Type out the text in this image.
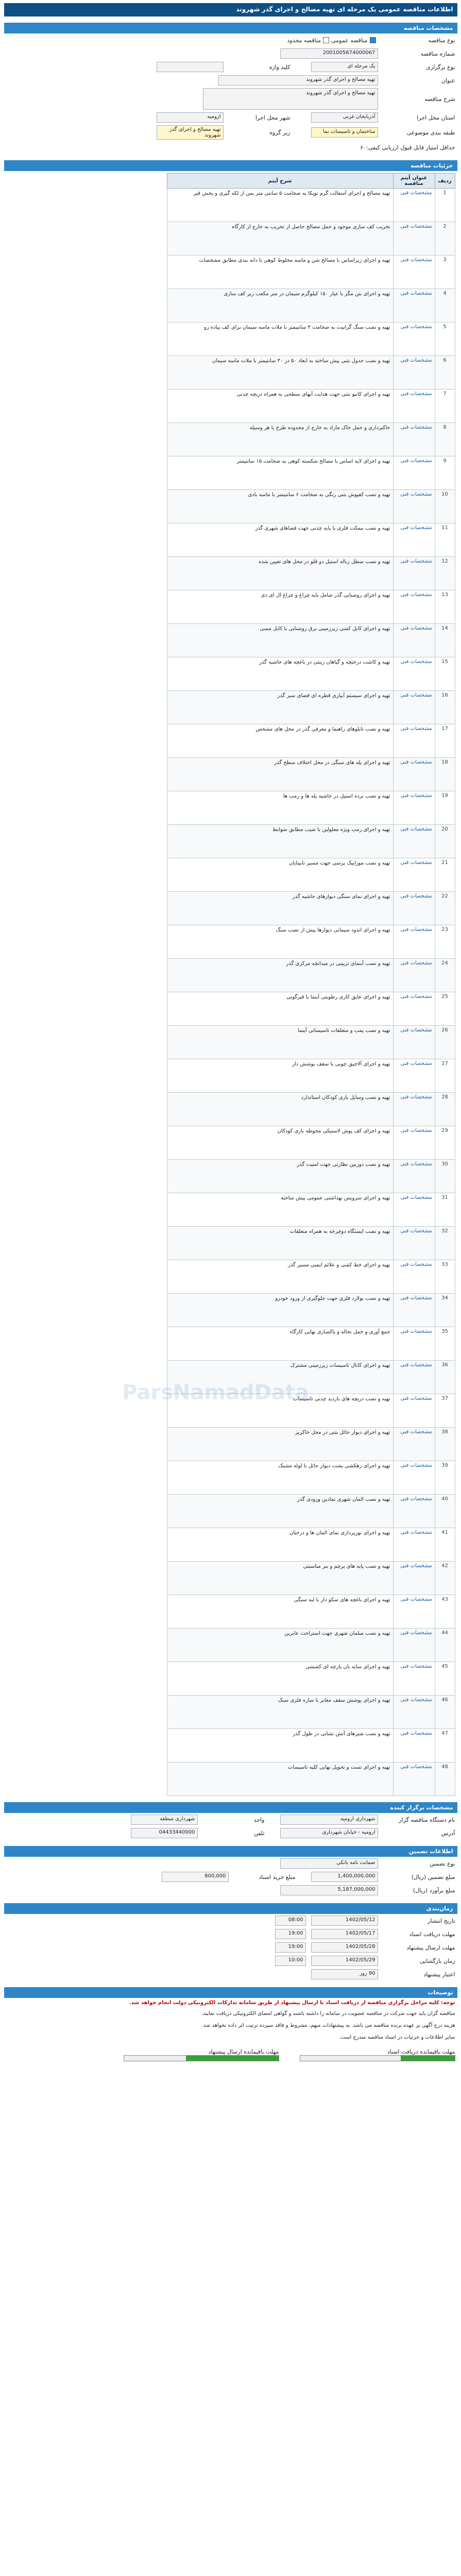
اطلاعات مناقصه عمومی یک مرحله ای تهیه مصالح و اجرای گذر شهروند
مشخصات مناقصه
نوع مناقصه
مناقصه عمومی
مناقصه محدود
شماره مناقصه
2001005674000067
نوع برگزاری
یک مرحله ای
کلید واژه
عنوان
تهیه مصالح و اجرای گذر شهروند
شرح مناقصه
تهیه مصالح و اجرای گذر شهروند
استان محل اجرا
آذربایجان غربی
شهر محل اجرا
ارومیه
طبقه بندی موضوعی
ساختمان و تاسیسات نما
زیر گروه
تهیه مصالح و اجرای گذر شهروند
حداقل امتیاز قابل قبول ارزیابی کیفی:
۶۰
جزئیات مناقصه
ردیف	عنوان آیتم مناقصه	شرح آیتم
1	مشخصات فنی	تهیه مصالح و اجرای آسفالت گرم توپکا به ضخامت ۵ سانتی متر پس از لکه گیری و پخش قیر
2	مشخصات فنی	تخریب کف سازی موجود و حمل مصالح حاصل از تخریب به خارج از کارگاه
3	مشخصات فنی	تهیه و اجرای زیراساس با مصالح شن و ماسه مخلوط کوهی با دانه بندی مطابق مشخصات
4	مشخصات فنی	تهیه و اجرای بتن مگر با عیار ۱۵۰ کیلوگرم سیمان در متر مکعب زیر کف سازی
5	مشخصات فنی	تهیه و نصب سنگ گرانیت به ضخامت ۳ سانتیمتر با ملات ماسه سیمان برای کف پیاده رو
6	مشخصات فنی	تهیه و نصب جدول بتنی پیش ساخته به ابعاد ۵۰ در ۳۰ سانتیمتر با ملات ماسه سیمان
7	مشخصات فنی	تهیه و اجرای کانیو بتنی جهت هدایت آبهای سطحی به همراه دریچه چدنی
8	مشخصات فنی	خاکبرداری و حمل خاک مازاد به خارج از محدوده طرح با هر وسیله
9	مشخصات فنی	تهیه و اجرای لایه اساس با مصالح شکسته کوهی به ضخامت ۱۵ سانتیمتر
10	مشخصات فنی	تهیه و نصب کفپوش بتنی رنگی به ضخامت ۶ سانتیمتر با ماسه بادی
11	مشخصات فنی	تهیه و نصب نیمکت فلزی با پایه چدنی جهت فضاهای شهری گذر
12	مشخصات فنی	تهیه و نصب سطل زباله استیل دو قلو در محل های تعیین شده
13	مشخصات فنی	تهیه و اجرای روشنایی گذر شامل پایه چراغ و چراغ ال ای دی
14	مشخصات فنی	تهیه و اجرای کابل کشی زیرزمینی برق روشنایی با کابل مسی
15	مشخصات فنی	تهیه و کاشت درختچه و گیاهان زینتی در باغچه های حاشیه گذر
16	مشخصات فنی	تهیه و اجرای سیستم آبیاری قطره ای فضای سبز گذر
17	مشخصات فنی	تهیه و نصب تابلوهای راهنما و معرفی گذر در محل های مشخص
18	مشخصات فنی	تهیه و اجرای پله های سنگی در محل اختلاف سطح گذر
19	مشخصات فنی	تهیه و نصب نرده استیل در حاشیه پله ها و رمپ ها
20	مشخصات فنی	تهیه و اجرای رمپ ویژه معلولین با شیب مطابق ضوابط
21	مشخصات فنی	تهیه و نصب موزاییک پرسی جهت مسیر نابینایان
22	مشخصات فنی	تهیه و اجرای نمای سنگی دیوارهای حاشیه گذر
23	مشخصات فنی	تهیه و اجرای اندود سیمانی دیوارها پیش از نصب سنگ
24	مشخصات فنی	تهیه و نصب آبنمای تزیینی در میدانچه مرکزی گذر
25	مشخصات فنی	تهیه و اجرای عایق کاری رطوبتی آبنما با قیرگونی
26	مشخصات فنی	تهیه و نصب پمپ و متعلقات تاسیساتی آبنما
27	مشخصات فنی	تهیه و اجرای آلاچیق چوبی با سقف پوشش دار
28	مشخصات فنی	تهیه و نصب وسایل بازی کودکان استاندارد
29	مشخصات فنی	تهیه و اجرای کف پوش لاستیکی محوطه بازی کودکان
30	مشخصات فنی	تهیه و نصب دوربین نظارتی جهت امنیت گذر
31	مشخصات فنی	تهیه و اجرای سرویس بهداشتی عمومی پیش ساخته
32	مشخصات فنی	تهیه و نصب ایستگاه دوچرخه به همراه متعلقات
33	مشخصات فنی	تهیه و اجرای خط کشی و علائم ایمنی مسیر گذر
34	مشخصات فنی	تهیه و نصب بولارد فلزی جهت جلوگیری از ورود خودرو
35	مشخصات فنی	جمع آوری و حمل نخاله و پاکسازی نهایی کارگاه
36	مشخصات فنی	تهیه و اجرای کانال تاسیسات زیرزمینی مشترک
37	مشخصات فنی	تهیه و نصب دریچه های بازدید چدنی تاسیسات
38	مشخصات فنی	تهیه و اجرای دیوار حائل بتنی در محل خاکریز
39	مشخصات فنی	تهیه و اجرای زهکشی پشت دیوار حائل با لوله مشبک
40	مشخصات فنی	تهیه و نصب المان شهری نمادین ورودی گذر
41	مشخصات فنی	تهیه و اجرای نورپردازی نمای المان ها و درختان
42	مشخصات فنی	تهیه و نصب پایه های پرچم و بنر مناسبتی
43	مشخصات فنی	تهیه و اجرای باغچه های سکو دار با لبه سنگی
44	مشخصات فنی	تهیه و نصب مبلمان شهری جهت استراحت عابرین
45	مشخصات فنی	تهیه و اجرای سایه بان پارچه ای کششی
46	مشخصات فنی	تهیه و اجرای پوشش سقف معابر با سازه فلزی سبک
47	مشخصات فنی	تهیه و نصب شیرهای آتش نشانی در طول گذر
48	مشخصات فنی	تهیه و اجرای تست و تحویل نهایی کلیه تاسیسات
مشخصات برگزار کننده
نام دستگاه مناقصه گزار
شهرداری ارومیه
واحد
شهرداری منطقه
آدرس
ارومیه - خیابان شهرداری
تلفن
04433440000
اطلاعات تضمین
نوع تضمین
ضمانت نامه بانکی
مبلغ تضمین (ریال)
1,400,000,000
مبلغ خرید اسناد
800,000
مبلغ برآورد (ریال)
5,187,000,000
زمان‌بندی
تاریخ انتشار
1402/05/12
08:00
مهلت دریافت اسناد
1402/05/17
19:00
مهلت ارسال پیشنهاد
1402/05/28
19:00
زمان بازگشایی
1402/05/29
10:00
اعتبار پیشنهاد
90 روز
توضیحات
توجه: کلیه مراحل برگزاری مناقصه از دریافت اسناد تا ارسال پیشنهاد از طریق سامانه تدارکات الکترونیکی دولت انجام خواهد شد.
مناقصه گران باید جهت شرکت در مناقصه عضویت در سامانه را داشته باشند و گواهی امضای الکترونیکی دریافت نمایند.
هزینه درج آگهی بر عهده برنده مناقصه می باشد. به پیشنهادات مبهم، مشروط و فاقد سپرده ترتیب اثر داده نخواهد شد.
سایر اطلاعات و جزئیات در اسناد مناقصه مندرج است.
مهلت باقیمانده دریافت اسناد
مهلت باقیمانده ارسال پیشنهاد
